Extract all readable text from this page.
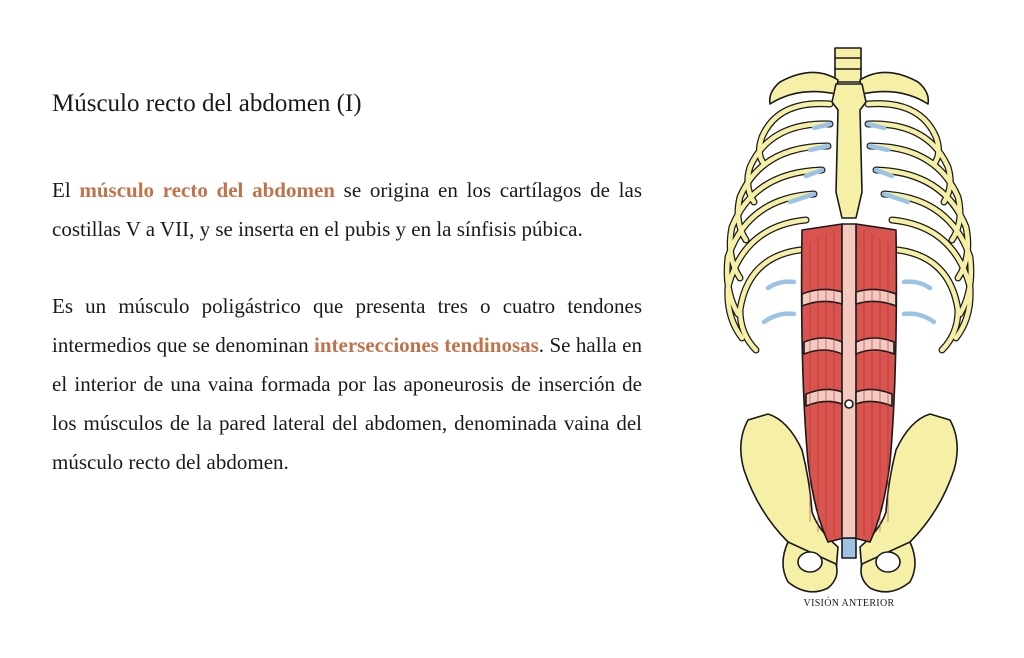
Músculo recto del abdomen (I)

El músculo recto del abdomen se origina en los cartílagos de las costillas V a VII, y se inserta en el pubis y en la sínfisis púbica.

Es un músculo poligástrico que presenta tres o cuatro tendones intermedios que se denominan intersecciones tendinosas. Se halla en el interior de una vaina formada por las aponeurosis de inserción de los músculos de la pared lateral del abdomen, denominada vaina del músculo recto del abdomen.

VISIÓN ANTERIOR
